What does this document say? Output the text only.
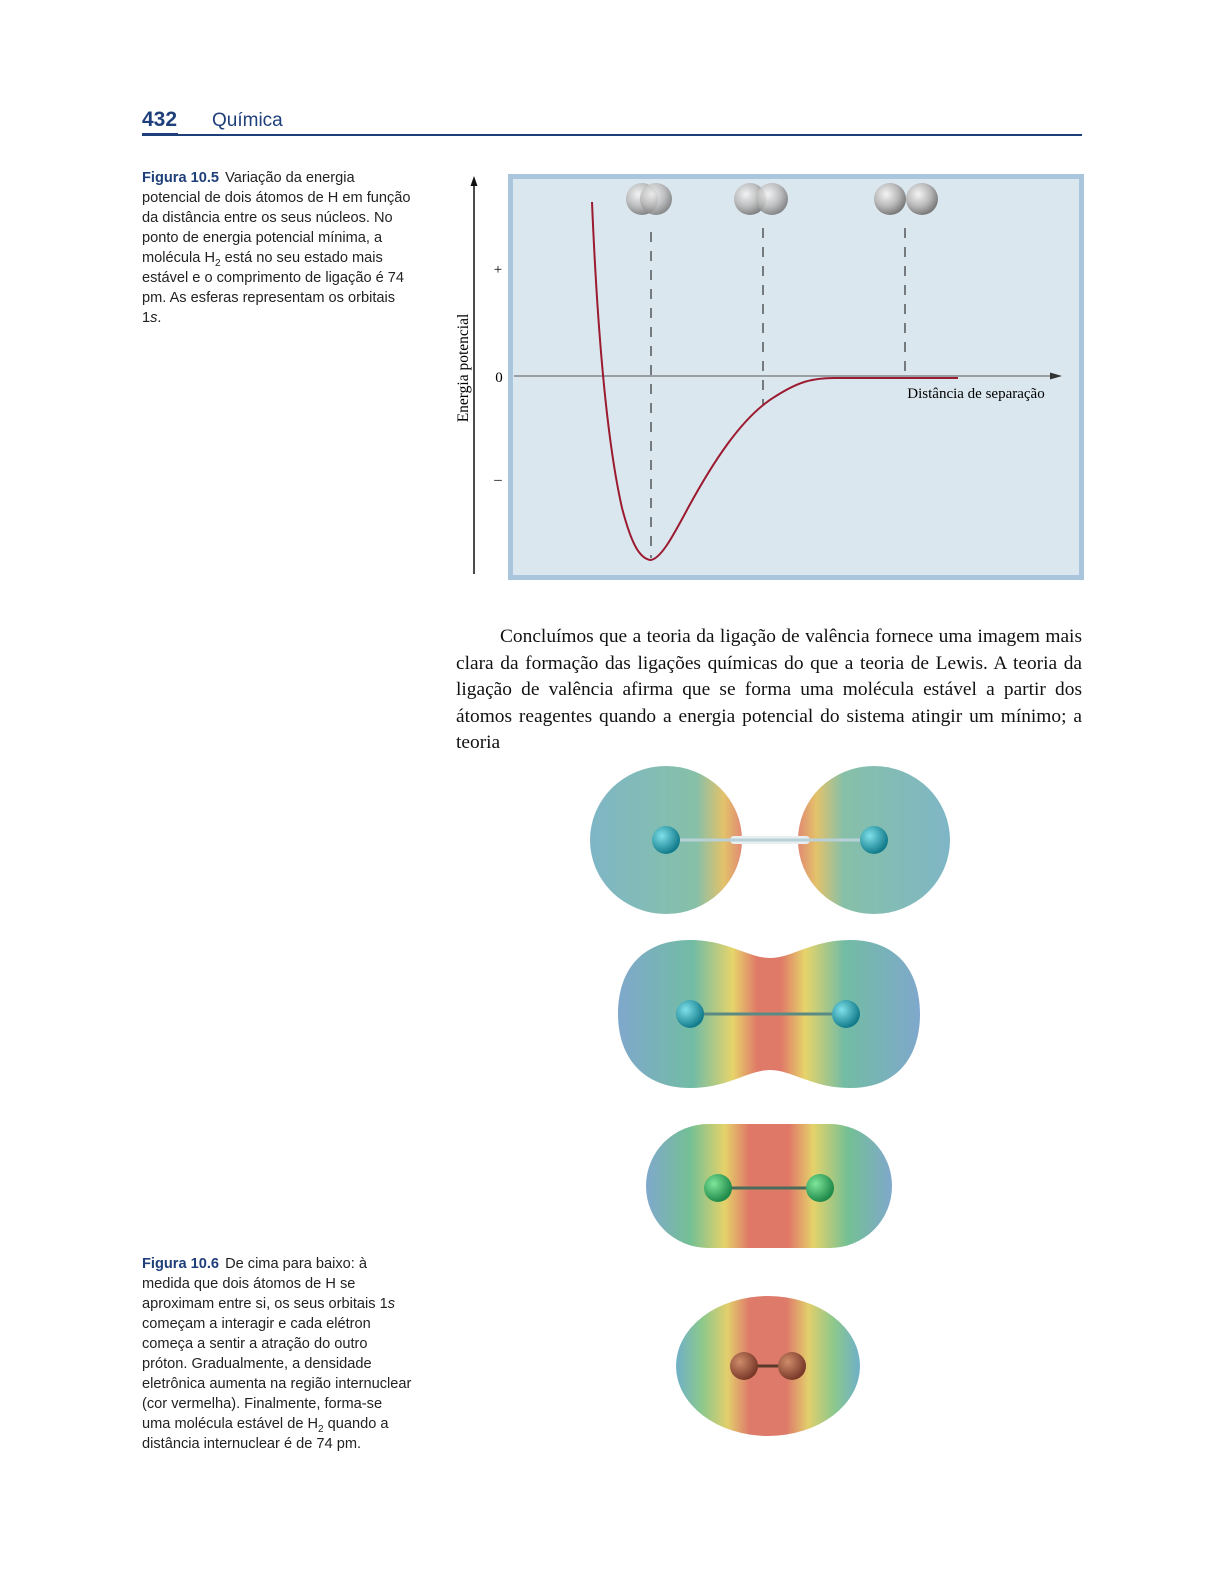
432 Química
Figura 10.5 Variação da energia potencial de dois átomos de H em função da distância entre os seus núcleos. No ponto de energia potencial mínima, a molécula $H_2$ está no seu estado mais estável e o comprimento de ligação é 74 pm. As esferas representam os orbitais 1s.
+
0
–
Energia potencial	Distância de separação
Concluímos que a teoria da ligação de valência fornece uma imagem mais clara da formação das ligações químicas do que a teoria de Lewis. A teoria da ligação de valência afirma que se forma uma molécula estável a partir dos átomos reagentes quando a energia potencial do sistema atingir um mínimo; a teoria
Figura 10.6 De cima para baixo: à medida que dois átomos de H se aproximam entre si, os seus orbitais 1s começam a interagir e cada elétron começa a sentir a atração do outro próton. Gradualmente, a densidade eletrônica aumenta na região internuclear (cor vermelha). Finalmente, forma-se uma molécula estável de $H_2$ quando a distância internuclear é de 74 pm.
